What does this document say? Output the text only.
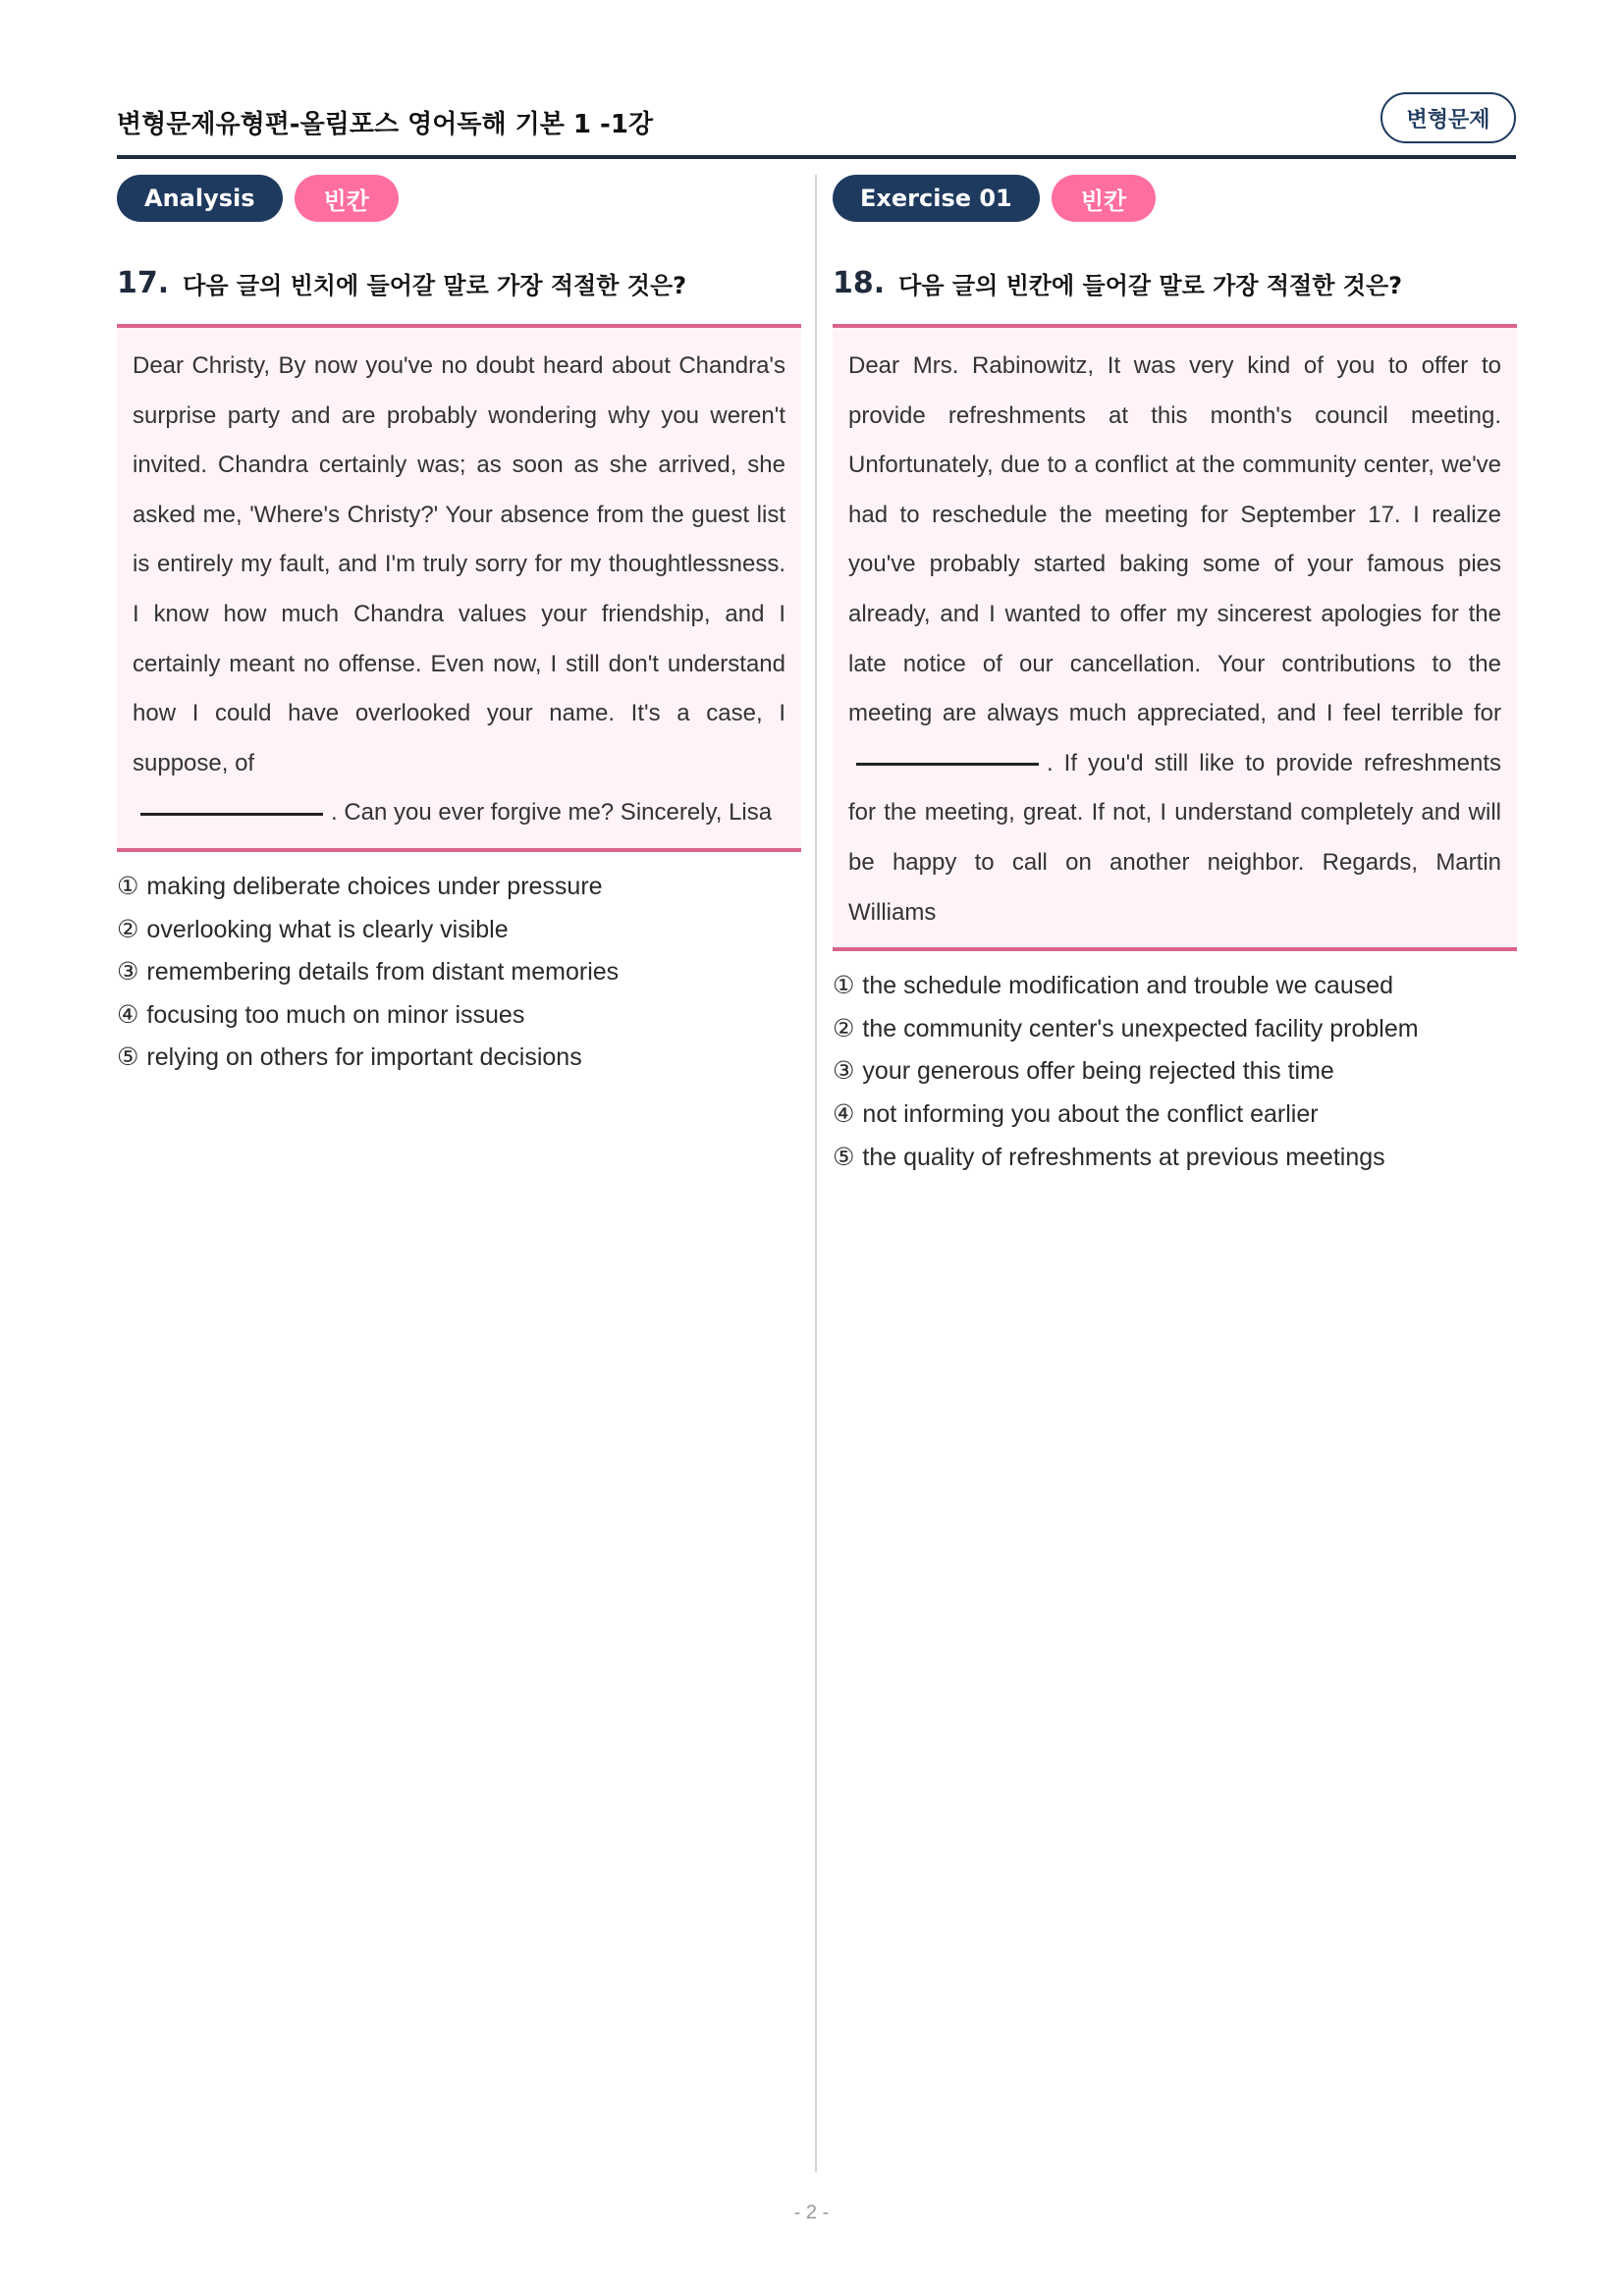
변형문제유형편-올림포스 영어독해 기본 1 -1강	변형문제
Analysis	빈칸
17. 다음 글의 빈치에 들어갈 말로 가장 적절한 것은?
Dear Christy, By now you've no doubt heard about Chandra's surprise party and are probably wondering why you weren't invited. Chandra certainly was; as soon as she arrived, she asked me, 'Where's Christy?' Your absence from the guest list is entirely my fault, and I'm truly sorry for my thoughtlessness. I know how much Chandra values your friendship, and I certainly meant no offense. Even now, I still don't understand how I could have overlooked your name. It's a case, I suppose, of
. Can you ever forgive me? Sincerely, Lisa
① making deliberate choices under pressure
② overlooking what is clearly visible
③ remembering details from distant memories
④ focusing too much on minor issues
⑤ relying on others for important decisions
Exercise 01	빈칸
18. 다음 글의 빈칸에 들어갈 말로 가장 적절한 것은?
Dear Mrs. Rabinowitz, It was very kind of you to offer to provide refreshments at this month's council meeting. Unfortunately, due to a conflict at the community center, we've had to reschedule the meeting for September 17. I realize you've probably started baking some of your famous pies already, and I wanted to offer my sincerest apologies for the late notice of our cancellation. Your contributions to the meeting are always much appreciated, and I feel terrible for. If you'd still like to provide refreshments for the meeting, great. If not, I understand completely and will be happy to call on another neighbor. Regards, Martin Williams
① the schedule modification and trouble we caused
② the community center's unexpected facility problem
③ your generous offer being rejected this time
④ not informing you about the conflict earlier
⑤ the quality of refreshments at previous meetings
- 2 -
